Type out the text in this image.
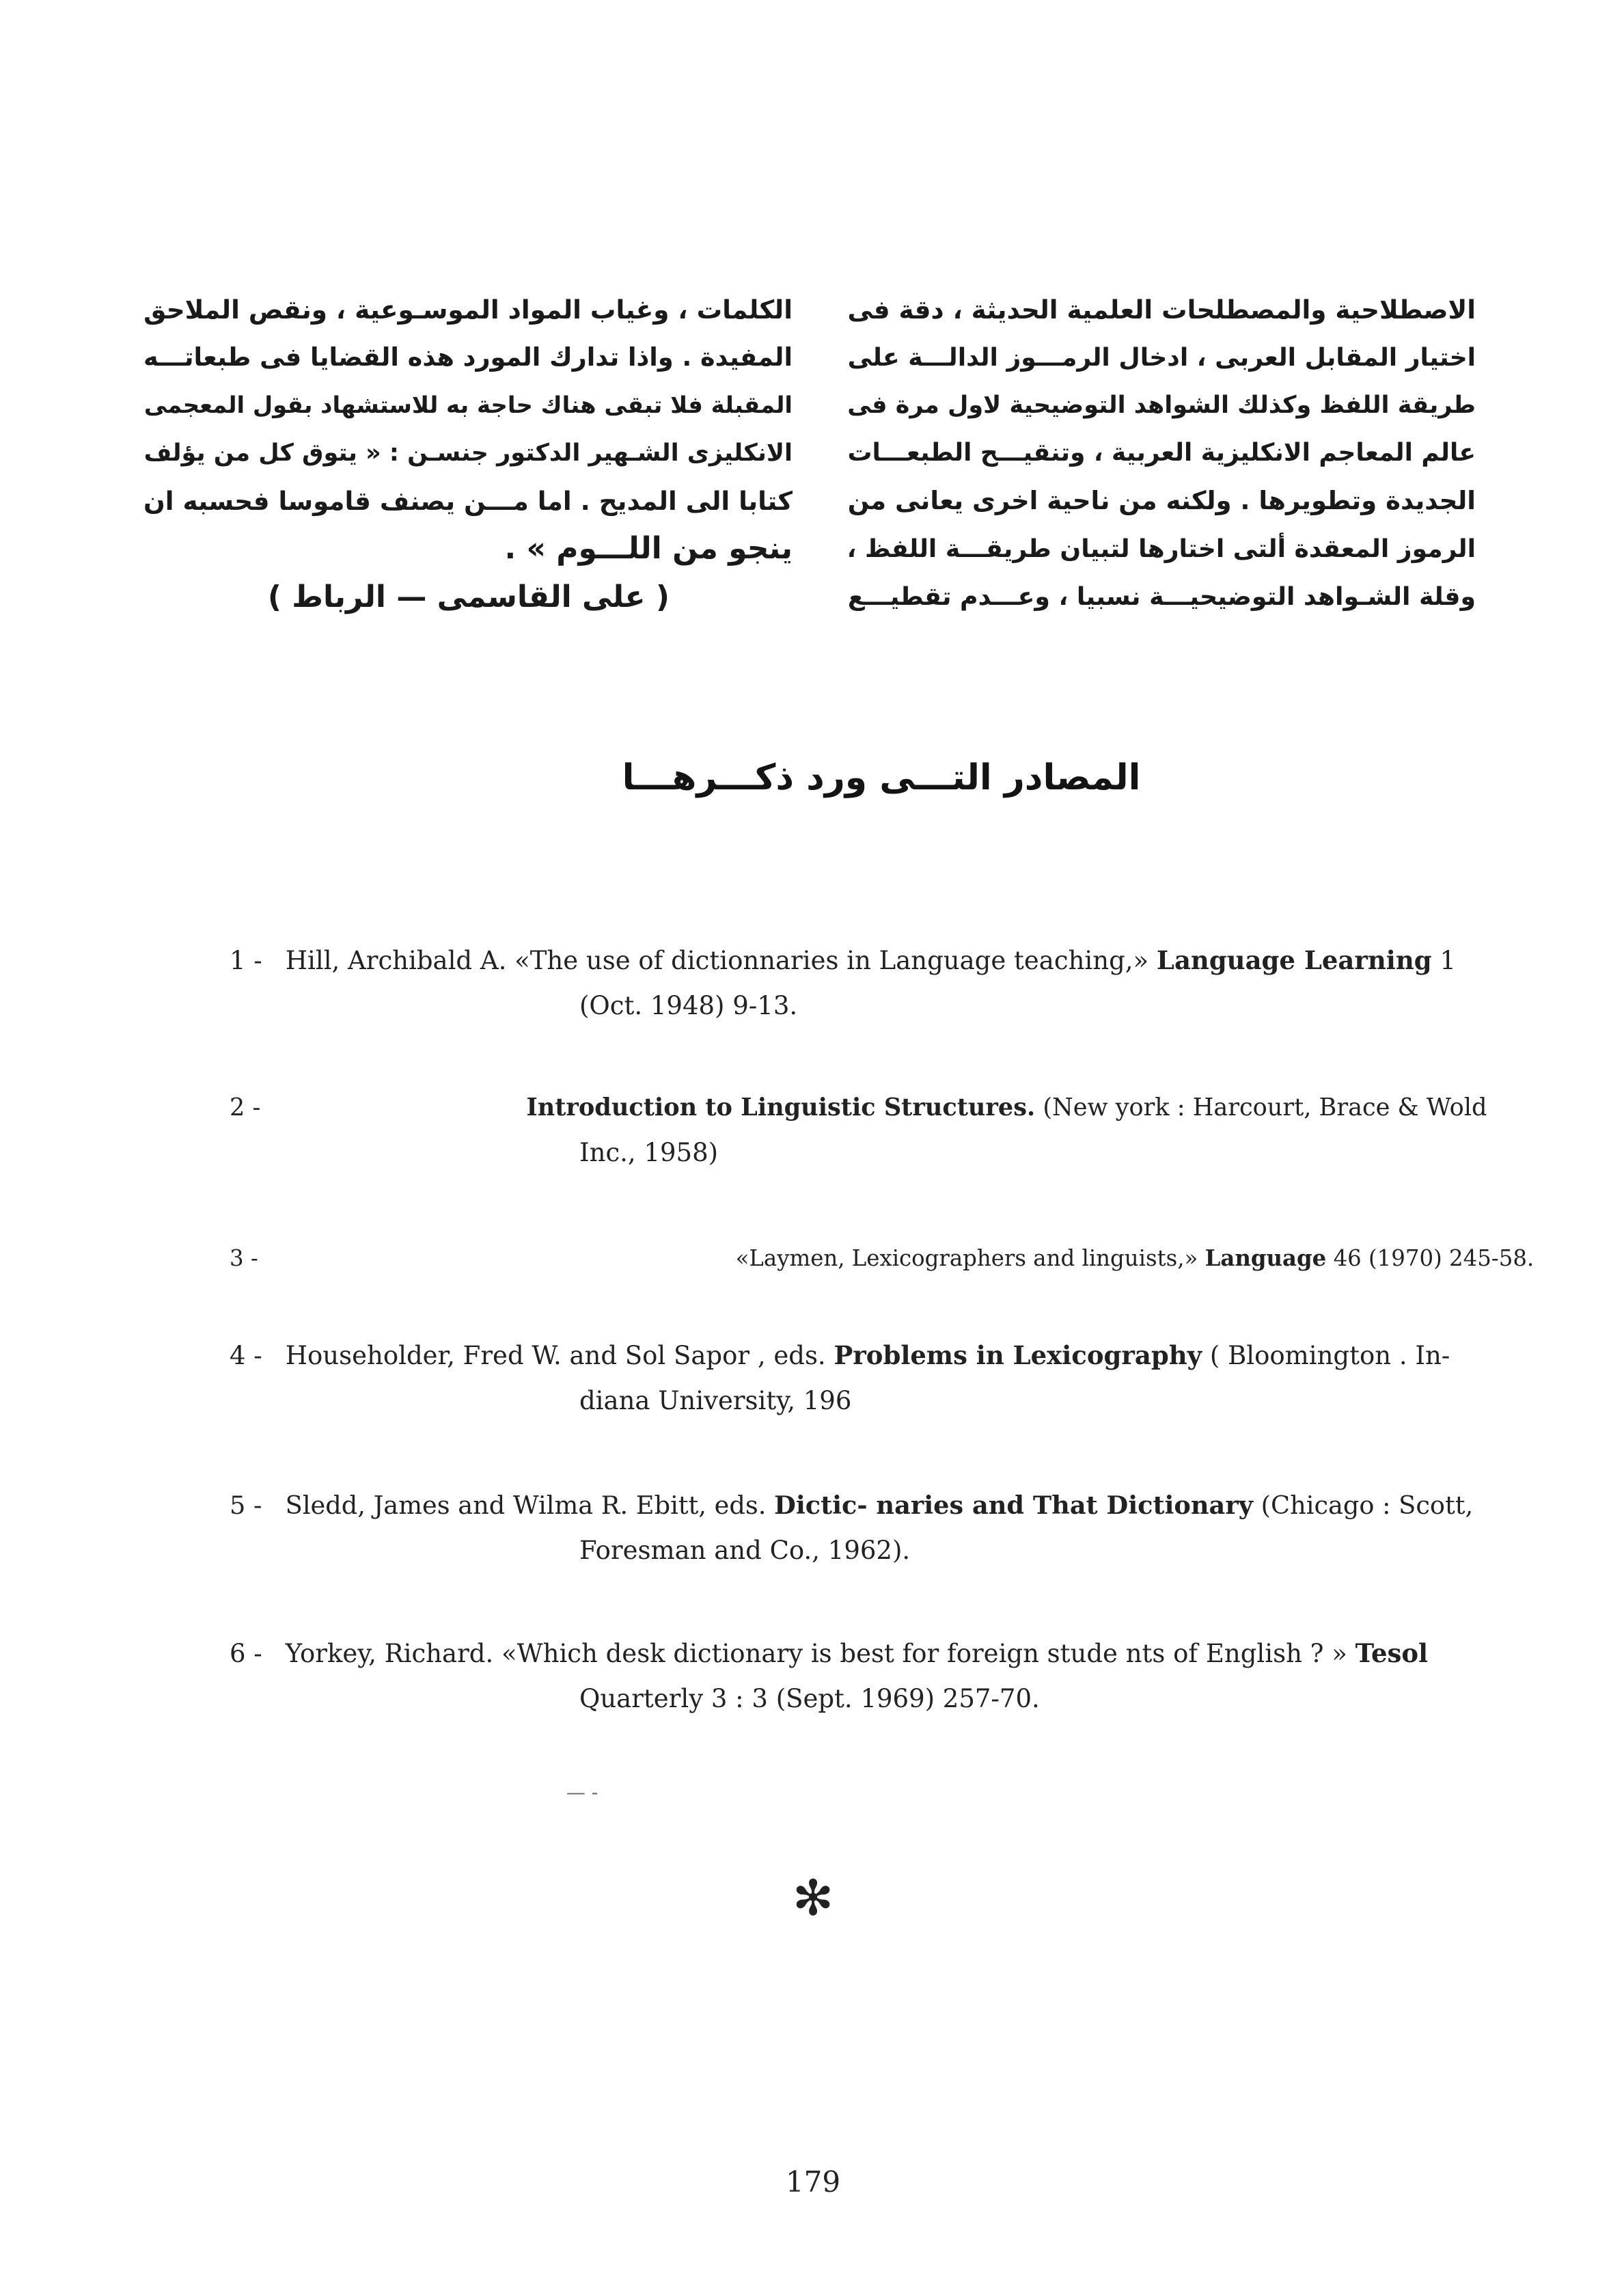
الاصطلاحية والمصطلحات العلمية الحديثة ، دقة فى

اختيار المقابل العربى ، ادخال الرمـــوز الدالـــة على

طريقة اللفظ وكذلك الشواهد التوضيحية لاول مرة فى

عالم المعاجم الانكليزية العربية ، وتنقيـــح الطبعـــات

الجديدة وتطويرها . ولكنه من ناحية اخرى يعانى من

الرموز المعقدة ألتى اختارها لتبيان طريقـــة اللفظ ،

وقلة الشـواهد التوضيحيـــة نسبيا ، وعـــدم تقطيـــع

الكلمات ، وغياب المواد الموسـوعية ، ونقص الملاحق

المفيدة . واذا تدارك المورد هذه القضايا فى طبعاتـــه

المقبلة فلا تبقى هناك حاجة به للاستشهاد بقول المعجمى

الانكليزى الشـهير الدكتور جنسـن : « يتوق كل من يؤلف

كتابا الى المديح . اما مـــن يصنف قاموسا فحسبه ان

ينجو من اللـــوم » .

( على القاسمى — الرباط )
المصادر التـــى ورد ذكـــرهـــا
1 - Hill, Archibald A. «The use of dictionnaries in Language teaching,» Language Learning 1
(Oct. 1948) 9-13.
2 -	Introduction to Linguistic Structures. (New york : Harcourt, Brace & Wold
Inc., 1958)
3 -	«Laymen, Lexicographers and linguists,» Language 46 (1970) 245-58.
4 - Householder, Fred W. and Sol Sapor , eds. Problems in Lexicography ( Bloomington . In-
diana University, 196
5 - Sledd, James and Wilma R. Ebitt, eds. Dictic- naries and That Dictionary (Chicago : Scott,
Foresman and Co., 1962).
6 - Yorkey, Richard. «Which desk dictionary is best for foreign stude nts of English ? » Tesol
Quarterly 3 : 3 (Sept. 1969) 257-70.
— -
✻
179
